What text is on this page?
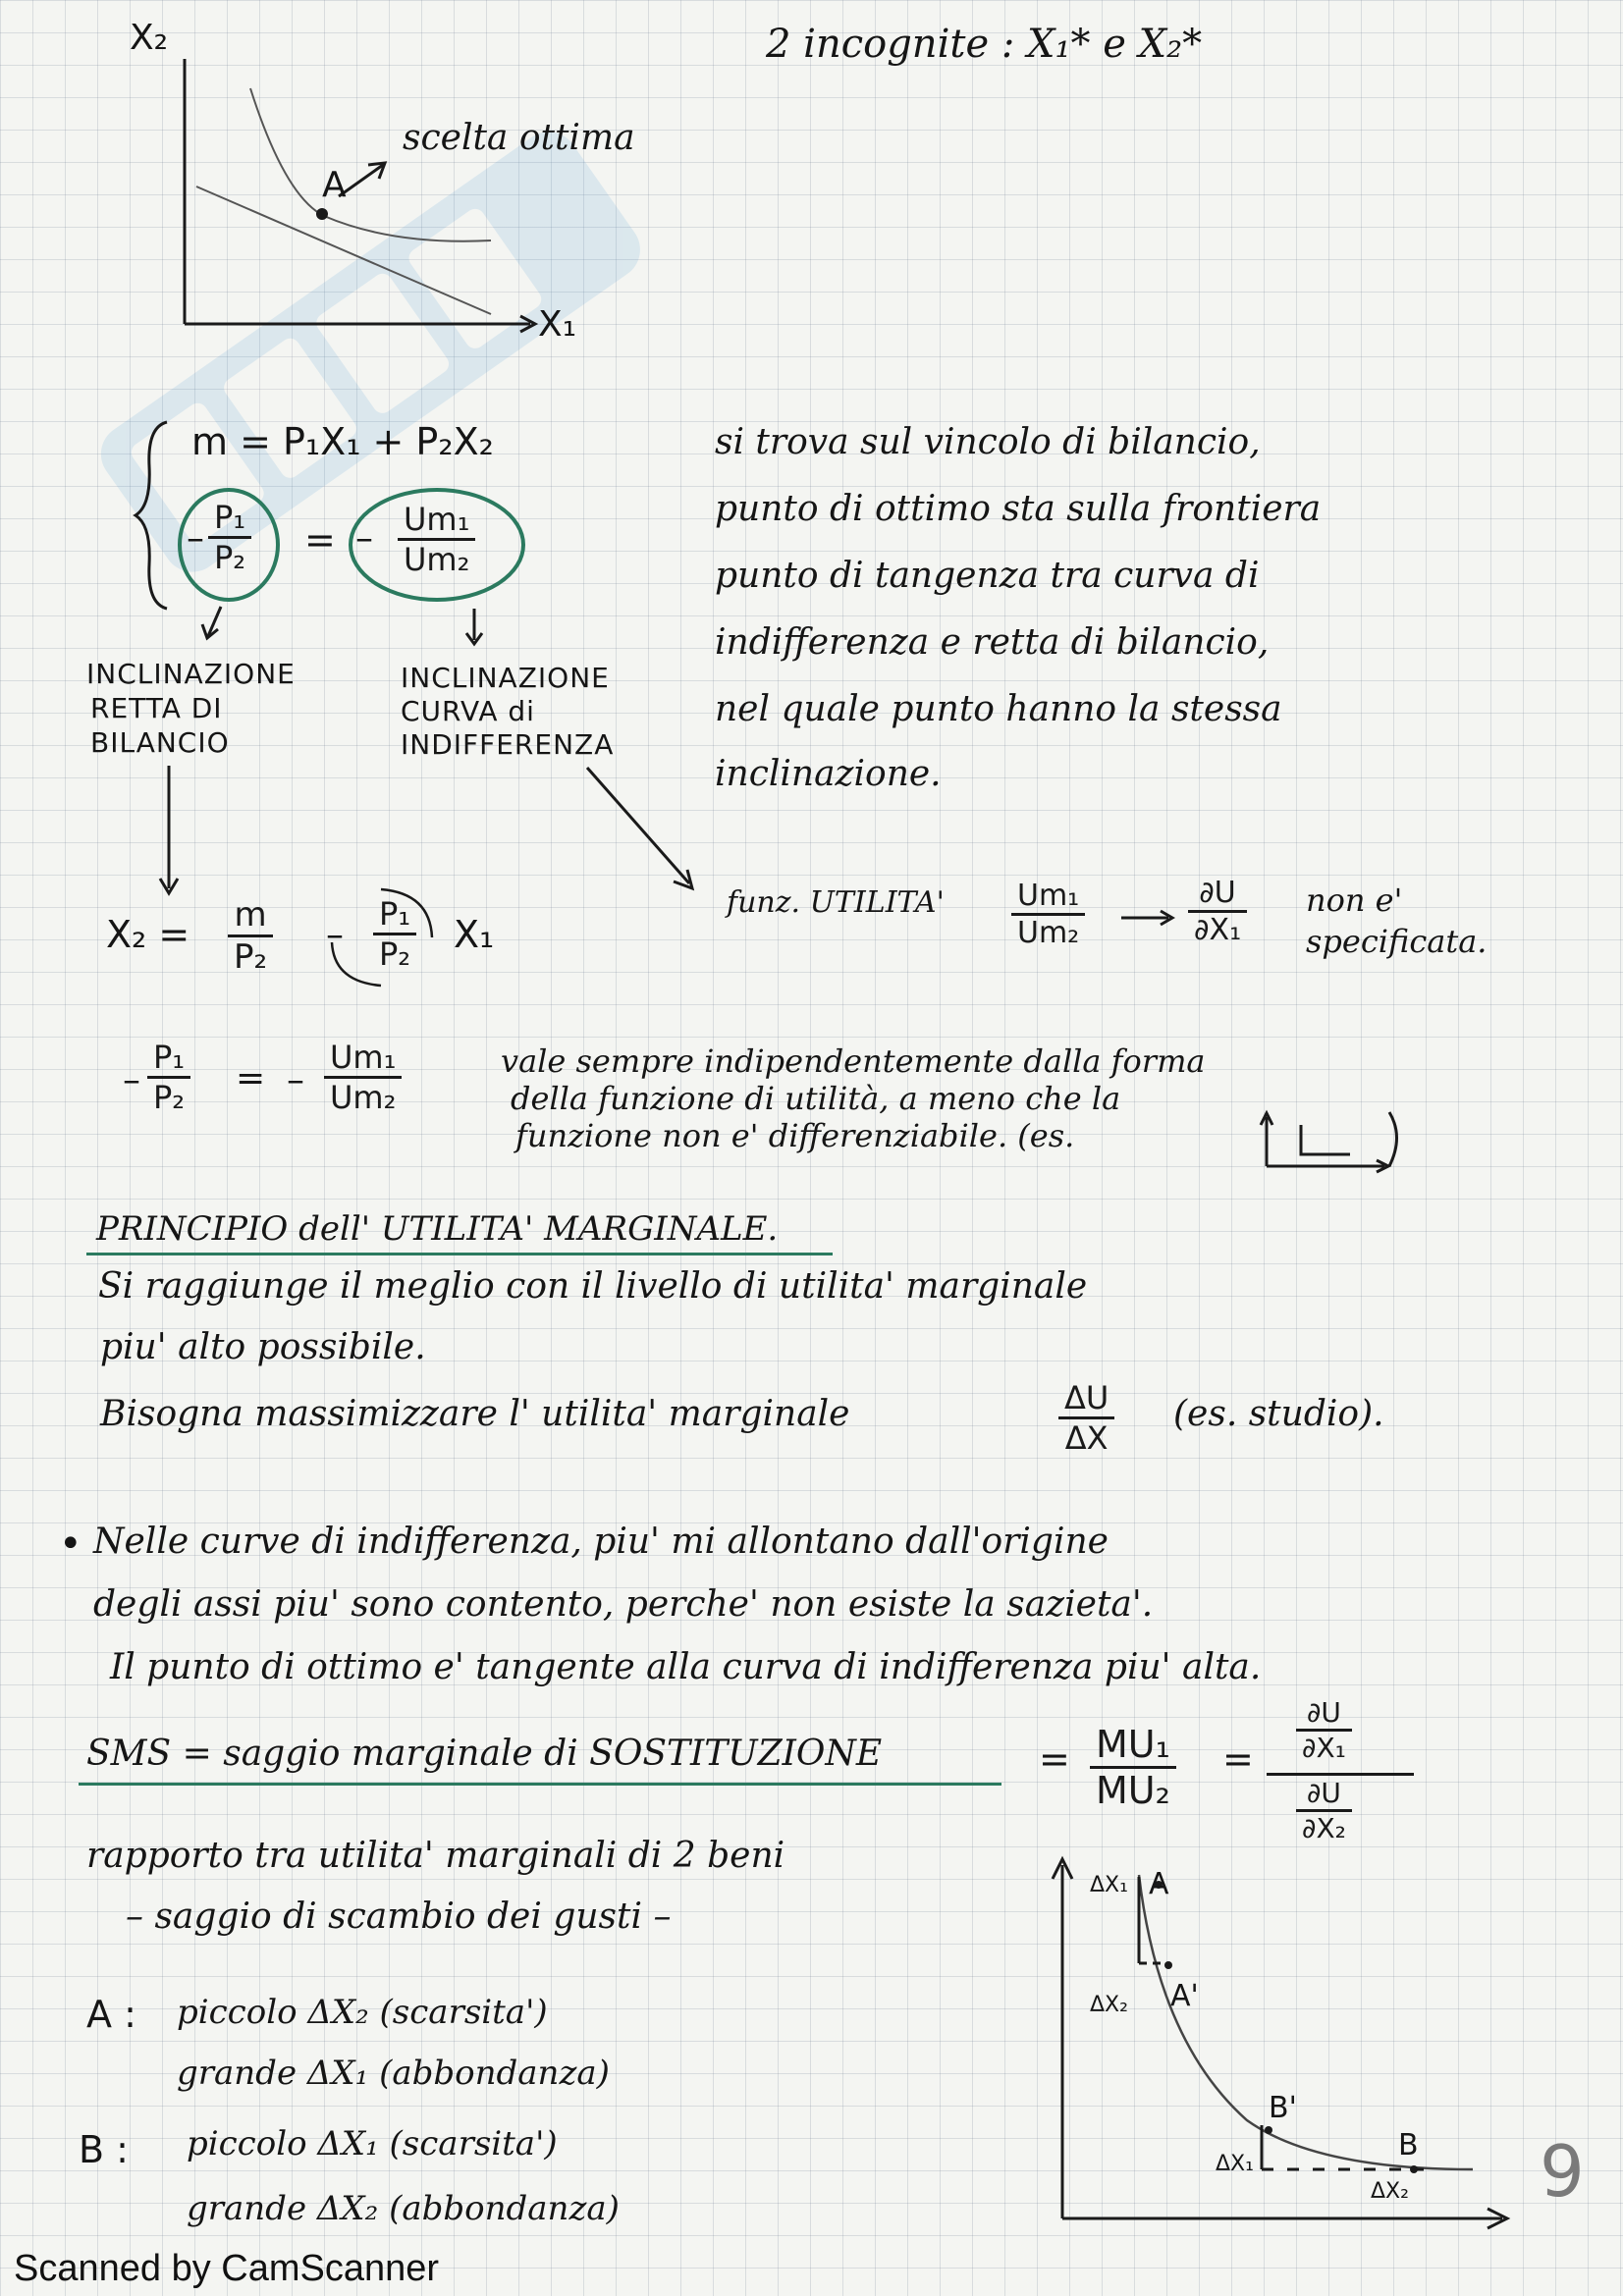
X₂
X₁
A
scelta ottima
2 incognite : X₁* e X₂*
m = P₁X₁ + P₂X₂
– $\frac{\text{P₁}}{\text{P₂}}$ = – $\frac{\text{Um₁}}{\text{Um₂}}$
INCLINAZIONE
RETTA DI
BILANCIO
INCLINAZIONE
CURVA di
INDIFFERENZA
si trova sul vincolo di bilancio,
punto di ottimo sta sulla frontiera
punto di tangenza tra curva di
indifferenza e retta di bilancio,
nel quale punto hanno la stessa
inclinazione.
funz. UTILITA' $\frac{\text{Um₁}}{\text{Um₂}}$	$\frac{\partial U}{\text{∂X₁}}$ non e'
specificata.
$X_2 = \frac{m}{\text{P₂}} - \frac{\text{P₁}}{\text{P₂}} X_1$
– $\frac{\text{P₁}}{\text{P₂}}$ = – $\frac{\text{Um₁}}{\text{Um₂}}$	vale sempre indipendentemente dalla forma
della funzione di utilità, a meno che la
funzione non e' differenziabile. (es.
PRINCIPIO dell' UTILITA' MARGINALE.
Si raggiunge il meglio con il livello di utilita' marginale
piu' alto possibile.
Bisogna massimizzare l' utilita' marginale	$\frac{\Delta U}{\Delta X} (es$. studio).
• Nelle curve di indifferenza, piu' mi allontano dall'origine
degli assi piu' sono contento, perche' non esiste la sazieta'.
Il punto di ottimo e' tangente alla curva di indifferenza piu' alta.
SMS = saggio marginale di SOSTITUZIONE	= $\frac{\text{MU₁}}{\text{MU₂}} = \frac{\partial U}{\text{∂X₁}}$
$\frac{\partial U}{\text{∂X₂}}$
rapporto tra utilita' marginali di 2 beni
– saggio di scambio dei gusti –
A : piccolo ΔX₂ (scarsita')
grande ΔX₁ (abbondanza)
B : piccolo ΔX₁ (scarsita')
grande ΔX₂ (abbondanza)
ΔX₁ A
ΔX₂ A'
B'
ΔX₁
B
ΔX₂ 9
Scanned by CamScanner
